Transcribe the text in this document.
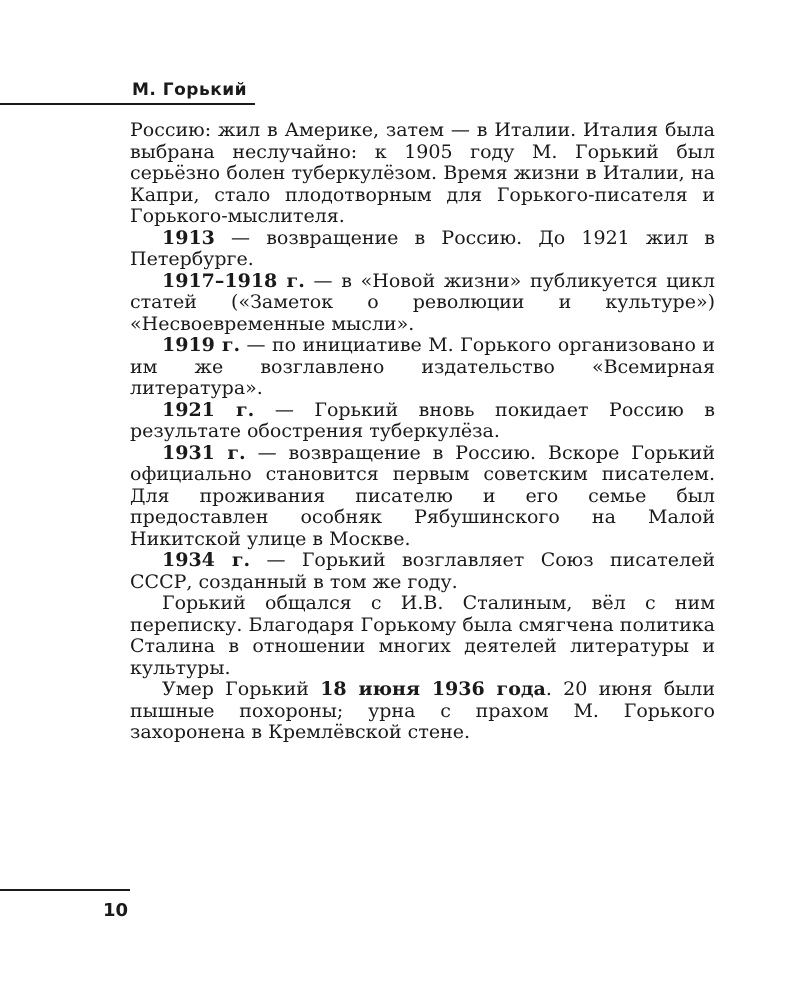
М. Горький

Россию: жил в Америке, затем — в Италии. Италия была выбрана неслучайно: к 1905 году М. Горький был серьёзно болен туберкулёзом. Время жизни в Италии, на Капри, стало плодотворным для Горького-писателя и Горького-мыслителя.

1913 — возвращение в Россию. До 1921 жил в Петербурге.

1917–1918 г. — в «Новой жизни» публикуется цикл статей («Заметок о революции и культуре») «Несвоевременные мысли».

1919 г. — по инициативе М. Горького организовано и им же возглавлено издательство «Всемирная литература».

1921 г. — Горький вновь покидает Россию в результате обострения туберкулёза.

1931 г. — возвращение в Россию. Вскоре Горький официально становится первым советским писателем. Для проживания писателю и его семье был предоставлен особняк Рябушинского на Малой Никитской улице в Москве.

1934 г. — Горький возглавляет Союз писателей СССР, созданный в том же году.

Горький общался с И.В. Сталиным, вёл с ним переписку. Благодаря Горькому была смягчена политика Сталина в отношении многих деятелей литературы и культуры.

Умер Горький 18 июня 1936 года. 20 июня были пышные похороны; урна с прахом М. Горького захоронена в Кремлёвской стене.

10
